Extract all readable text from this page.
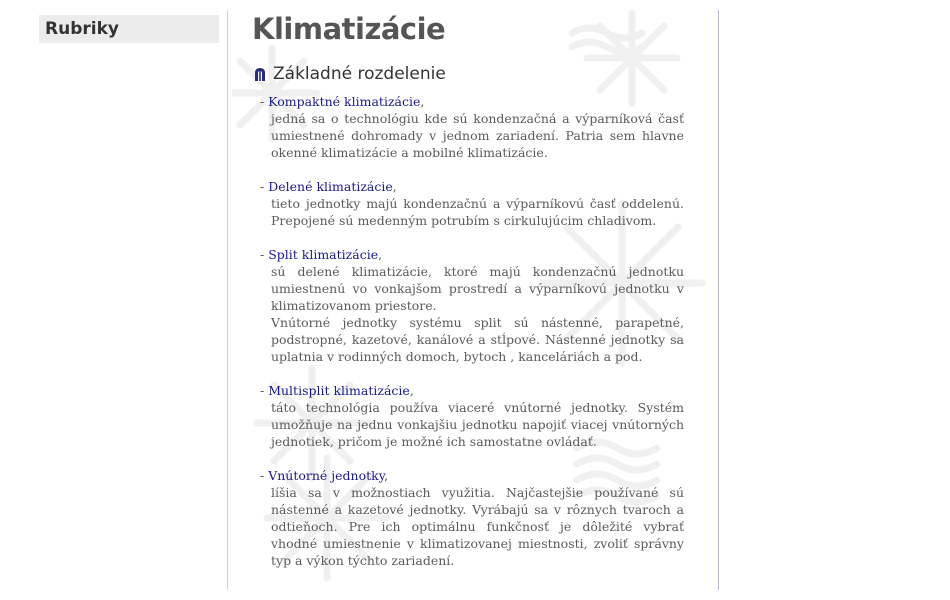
Rubriky	Klimatizácie
Základné rozdelenie
- Kompaktné klimatizácie,
jedná sa o technológiu kde sú kondenzačná a výparníková časť umiestnené dohromady v jednom zariadení. Patria sem hlavne okenné klimatizácie a mobilné klimatizácie.
- Delené klimatizácie,
tieto jednotky majú kondenzačnú a výparníkovú časť oddelenú. Prepojené sú medenným potrubím s cirkulujúcim chladivom.
- Split klimatizácie,
sú delené klimatizácie, ktoré majú kondenzačnú jednotku umiestnenú vo vonkajšom prostredí a výparníkovú jednotku v klimatizovanom priestore.
Vnútorné jednotky systému split sú nástenné, parapetné, podstropné, kazetové, kanálové a stĺpové. Nástenné jednotky sa uplatnia v rodinných domoch, bytoch , kanceláriách a pod.
- Multisplit klimatizácie,
táto technológia používa viaceré vnútorné jednotky. Systém umožňuje na jednu vonkajšiu jednotku napojiť viacej vnútorných jednotiek, pričom je možné ich samostatne ovládať.
- Vnútorné jednotky,
líšia sa v možnostiach využitia. Najčastejšie používané sú nástenné a kazetové jednotky. Vyrábajú sa v rôznych tvaroch a odtieňoch. Pre ich optimálnu funkčnosť je dôležité vybrať vhodné umiestnenie v klimatizovanej miestnosti, zvoliť správny typ a výkon týchto zariadení.
